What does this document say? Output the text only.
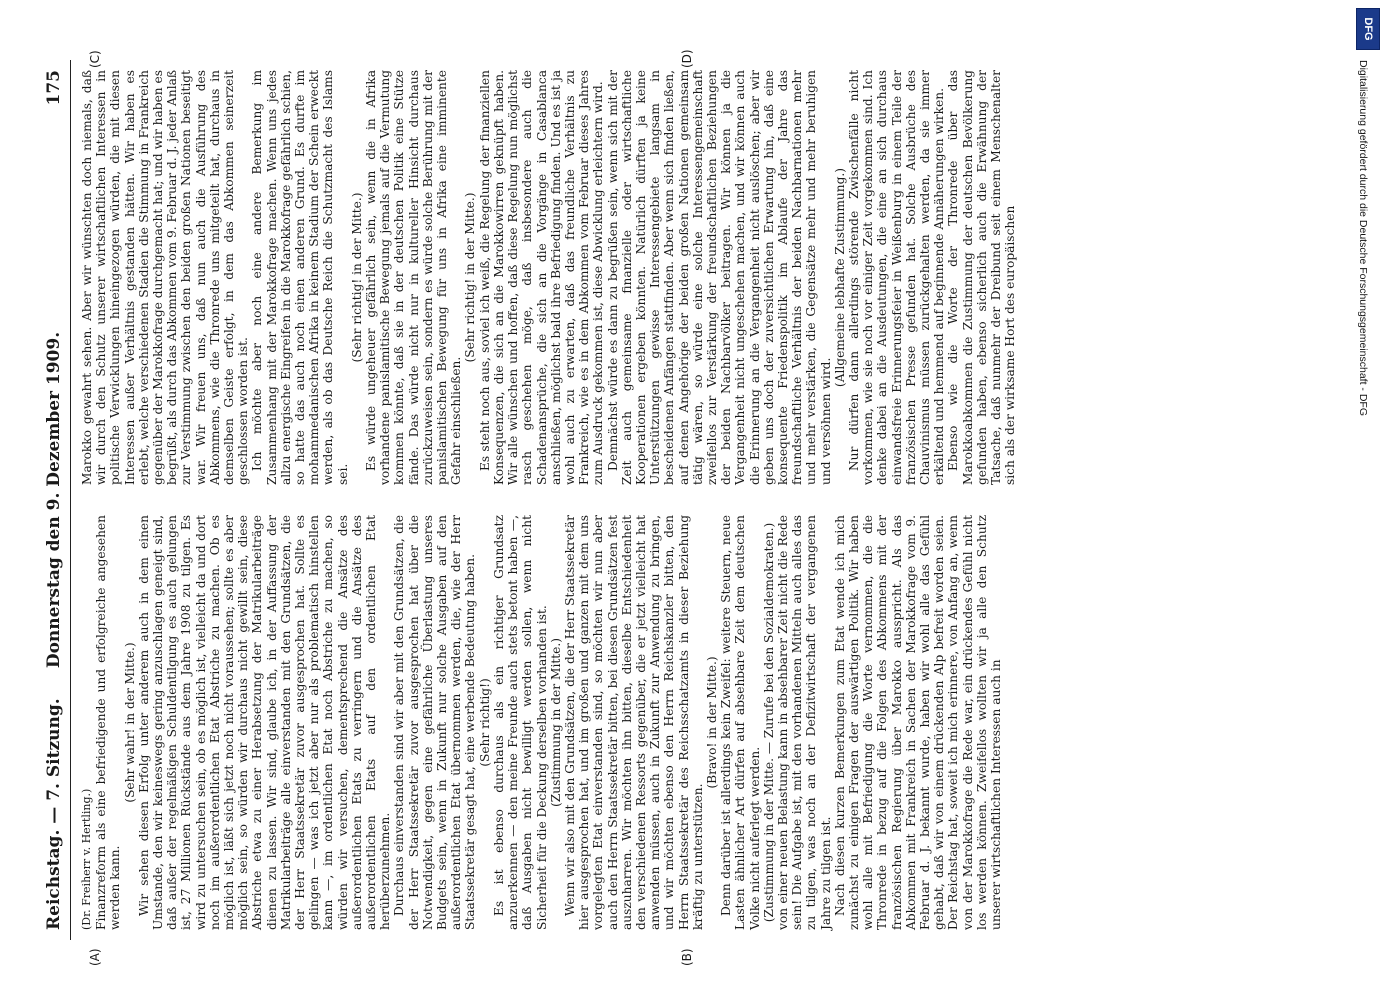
Reichstag. — 7. Sitzung.
Donnerstag den 9. Dezember 1909.
175
(A)	(B)
(C)	(D)

(Dr. Freiherr v. Hertling.) Finanzreform als eine befriedigende und erfolgreiche angesehen werden kann.

(Sehr wahr! in der Mitte.) Wir sehen diesen Erfolg unter anderem auch in dem einen Umstande, den wir keineswegs gering anzuschlagen geneigt sind, daß außer der regelmäßigen Schuldentilgung es auch gelungen ist, 27 Millionen Rückstände aus dem Jahre 1908 zu tilgen. Es wird zu untersuchen sein, ob es möglich ist, vielleicht da und dort noch im außerordentlichen Etat Abstriche zu machen. Ob es möglich ist, läßt sich jetzt noch nicht voraussehen; sollte es aber möglich sein, so würden wir durchaus nicht gewillt sein, diese Abstriche etwa zu einer Herabsetzung der Matrikularbeiträge dienen zu lassen. Wir sind, glaube ich, in der Auffassung der Matrikularbeiträge alle einverstanden mit den Grundsätzen, die der Herr Staatssekretär zuvor ausgesprochen hat. Sollte es gelingen — was ich jetzt aber nur als problematisch hinstellen kann —, im ordentlichen Etat noch Abstriche zu machen, so würden wir versuchen, dementsprechend die Ansätze des außerordentlichen Etats zu verringern und die Ansätze des außerordentlichen Etats auf den ordentlichen Etat herüberzunehmen. Durchaus einverstanden sind wir aber mit den Grundsätzen, die der Herr Staatssekretär zuvor ausgesprochen hat über die Notwendigkeit, gegen eine gefährliche Überlastung unseres Budgets sein, wenn in Zukunft nur solche Ausgaben auf den außerordentlichen Etat übernommen werden, die, wie der Herr Staatssekretär gesagt hat, eine werbende Bedeutung haben. (Sehr richtig!) Es ist ebenso durchaus als ein richtiger Grundsatz anzuerkennen — den meine Freunde auch stets betont haben —, daß Ausgaben nicht bewilligt werden sollen, wenn nicht Sicherheit für die Deckung derselben vorhanden ist. (Zustimmung in der Mitte.) Wenn wir also mit den Grundsätzen, die der Herr Staatssekretär hier ausgesprochen hat, und im großen und ganzen mit dem uns vorgelegten Etat einverstanden sind, so möchten wir nun aber auch den Herrn Staatssekretär bitten, bei diesen Grundsätzen fest auszuharren. Wir möchten ihn bitten, dieselbe Entschiedenheit den verschiedenen Ressorts gegenüber, die er jetzt vielleicht hat anwenden müssen, auch in Zukunft zur Anwendung zu bringen, und wir möchten ebenso den Herrn Reichskanzler bitten, den Herrn Staatssekretär des Reichsschatzamts in dieser Beziehung kräftig zu unterstützen.

(Bravo! in der Mitte.) Denn darüber ist allerdings kein Zweifel: weitere Steuern, neue Lasten ähnlicher Art dürfen auf absehbare Zeit dem deutschen Volke nicht auferlegt werden. (Zustimmung in der Mitte. — Zurufe bei den Sozialdemokraten.) von einer neuen Belastung kann in absehbarer Zeit nicht die Rede sein! Die Aufgabe ist, mit den vorhandenen Mitteln auch alles das zu tilgen, was noch an der Defizitwirtschaft der vergangenen Jahre zu tilgen ist. Nach diesen kurzen Bemerkungen zum Etat wende ich mich zunächst zu einigen Fragen der auswärtigen Politik. Wir haben wohl alle mit Befriedigung die Worte vernommen, die die Thronrede in bezug auf die Folgen des Abkommens mit der französischen Regierung über Marokko ausspricht. Als das Abkommen mit Frankreich in Sachen der Marokkofrage vom 9. Februar d. J. bekannt wurde, haben wir wohl alle das Gefühl gehabt, daß wir von einem drückenden Alp befreit worden seien. Der Reichstag hat, soweit ich mich erinnere, von Anfang an, wenn von der Marokkofrage die Rede war, ein drückendes Gefühl nicht los werden können. Zweifellos wollten wir ja alle den Schutz unserer wirtschaftlichen Interessen auch in

Marokko gewahrt sehen. Aber wir wünschten doch niemals, daß wir durch den Schutz unserer wirtschaftlichen Interessen in politische Verwicklungen hineingezogen würden, die mit diesen Interessen außer Verhältnis gestanden hätten. Wir haben es erlebt, welche verschiedenen Stadien die Stimmung in Frankreich gegenüber der Marokkofrage durchgemacht hat; und wir haben es begrüßt, als durch das Abkommen vom 9. Februar d. J. jeder Anlaß zur Verstimmung zwischen den beiden großen Nationen beseitigt war. Wir freuen uns, daß nun auch die Ausführung des Abkommens, wie die Thronrede uns mitgeteilt hat, durchaus in demselben Geiste erfolgt, in dem das Abkommen seinerzeit geschlossen worden ist. Ich möchte aber noch eine andere Bemerkung im Zusammenhang mit der Marokkofrage machen. Wenn uns jedes allzu energische Eingreifen in die Marokkofrage gefährlich schien, so hatte das auch noch einen anderen Grund. Es durfte im mohammedanischen Afrika in keinem Stadium der Schein erweckt werden, als ob das Deutsche Reich die Schutzmacht des Islams sei.

(Sehr richtig! in der Mitte.) Es würde ungeheuer gefährlich sein, wenn die in Afrika vorhandene panislamitische Bewegung jemals auf die Vermutung kommen könnte, daß sie in der deutschen Politik eine Stütze fände. Das würde nicht nur in kultureller Hinsicht durchaus zurückzuweisen sein, sondern es würde solche Berührung mit der panislamitischen Bewegung für uns in Afrika eine imminente Gefahr einschließen.

(Sehr richtig! in der Mitte.) Es steht noch aus, soviel ich weiß, die Regelung der finanziellen Konsequenzen, die sich an die Marokkowirren geknüpft haben. Wir alle wünschen und hoffen, daß diese Regelung nun möglichst rasch geschehen möge, daß insbesondere auch die Schadenansprüche, die sich an die Vorgänge in Casablanca anschließen, möglichst bald ihre Befriedigung finden. Und es ist ja wohl auch zu erwarten, daß das freundliche Verhältnis zu Frankreich, wie es in dem Abkommen vom Februar dieses Jahres zum Ausdruck gekommen ist, diese Abwicklung erleichtern wird. Demnächst würde es dann zu begrüßen sein, wenn sich mit der Zeit auch gemeinsame finanzielle oder wirtschaftliche Kooperationen ergeben könnten. Natürlich dürften ja keine Unterstützungen gewisse Interessengebiete langsam in bescheidenen Anfängen stattfinden. Aber wenn sich finden ließen, auf denen Angehörige der beiden großen Nationen gemeinsam tätig wären, so würde eine solche Interessengemeinschaft zweifellos zur Verstärkung der freundschaftlichen Beziehungen der beiden Nachbarvölker beitragen. Wir können ja die Vergangenheit nicht ungeschehen machen, und wir können auch die Erinnerung an die Vergangenheit nicht auslöschen; aber wir geben uns doch der zuversichtlichen Erwartung hin, daß eine konsequente Friedenspolitik im Ablaufe der Jahre das freundschaftliche Verhältnis der beiden Nachbarnationen mehr und mehr verstärken, die Gegensätze mehr und mehr beruhigen und versöhnen wird.

(Allgemeine lebhafte Zustimmung.) Nur dürfen dann allerdings störende Zwischenfälle nicht vorkommen, wie sie noch vor einiger Zeit vorgekommen sind. Ich denke dabei an die Ausdeutungen, die eine an sich durchaus einwandsfreie Erinnerungsfeier in Weißenburg in einem Teile der französischen Presse gefunden hat. Solche Ausbrüche des Chauvinismus müssen zurückgehalten werden, da sie immer erkältend und hemmend auf beginnende Annäherungen wirken. Ebenso wie die Worte der Thronrede über das Marokkoabkommen die Zustimmung der deutschen Bevölkerung gefunden haben, ebenso sicherlich auch die Erwähnung der Tatsache, daß nunmehr der Dreibund seit einem Menschenalter sich als der wirksame Hort des europäischen

DFG
Digitalisierung gefördert durch die Deutsche Forschungsgemeinschaft - DFG
